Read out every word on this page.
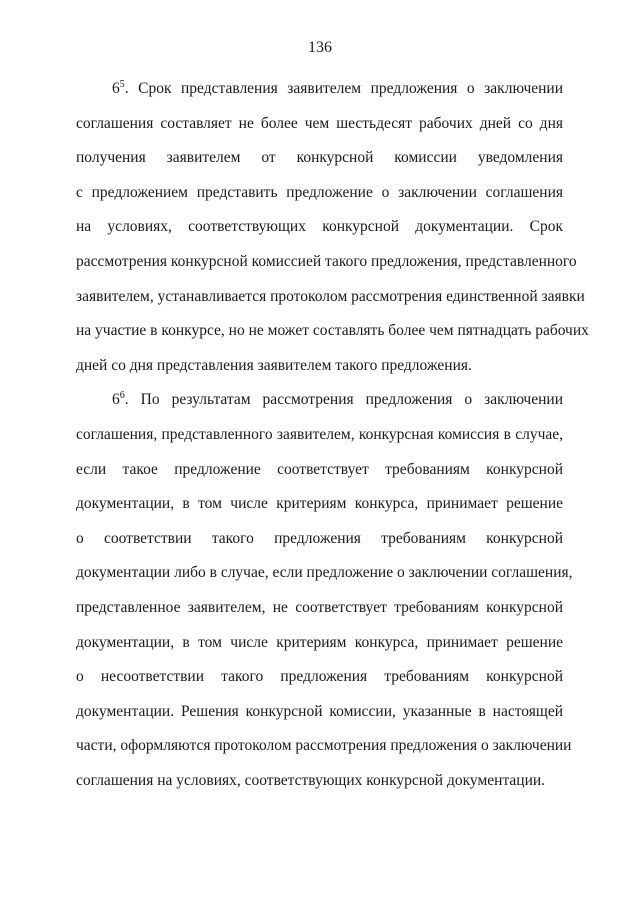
136

$6^5$. Срок представления заявителем предложения о заключении
соглашения составляет не более чем шестьдесят рабочих дней со дня
получения заявителем от конкурсной комиссии уведомления
с предложением представить предложение о заключении соглашения
на условиях, соответствующих конкурсной документации. Срок
рассмотрения конкурсной комиссией такого предложения, представленного
заявителем, устанавливается протоколом рассмотрения единственной заявки
на участие в конкурсе, но не может составлять более чем пятнадцать рабочих
дней со дня представления заявителем такого предложения.

$6^6$. По результатам рассмотрения предложения о заключении
соглашения, представленного заявителем, конкурсная комиссия в случае,
если такое предложение соответствует требованиям конкурсной
документации, в том числе критериям конкурса, принимает решение
о соответствии такого предложения требованиям конкурсной
документации либо в случае, если предложение о заключении соглашения,
представленное заявителем, не соответствует требованиям конкурсной
документации, в том числе критериям конкурса, принимает решение
о несоответствии такого предложения требованиям конкурсной
документации. Решения конкурсной комиссии, указанные в настоящей
части, оформляются протоколом рассмотрения предложения о заключении
соглашения на условиях, соответствующих конкурсной документации.
